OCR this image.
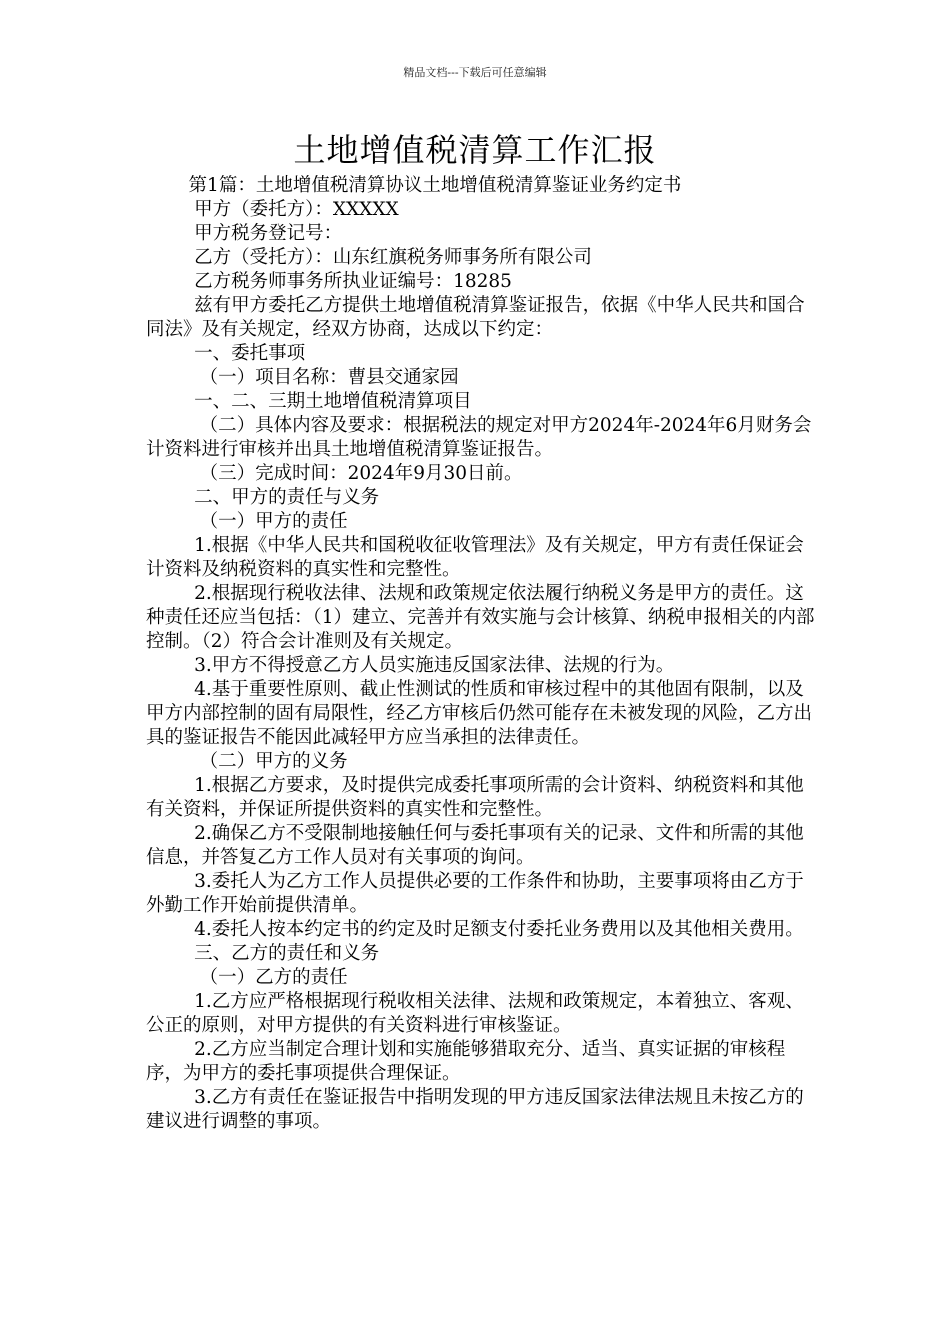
精品文档---下载后可任意编辑
土地增值税清算工作汇报

第1篇：土地增值税清算协议土地增值税清算鉴证业务约定书

甲方（委托方）：XXXXX

甲方税务登记号：

乙方（受托方）：山东红旗税务师事务所有限公司

乙方税务师事务所执业证编号：18285

兹有甲方委托乙方提供土地增值税清算鉴证报告，依据《中华人民共和国合同法》及有关规定，经双方协商，达成以下约定：

一、委托事项

（一）项目名称：曹县交通家园

一、二、三期土地增值税清算项目

（二）具体内容及要求：根据税法的规定对甲方2024年-2024年6月财务会计资料进行审核并出具土地增值税清算鉴证报告。

（三）完成时间：2024年9月30日前。

二、甲方的责任与义务

（一）甲方的责任

1.根据《中华人民共和国税收征收管理法》及有关规定，甲方有责任保证会计资料及纳税资料的真实性和完整性。

2.根据现行税收法律、法规和政策规定依法履行纳税义务是甲方的责任。这种责任还应当包括：（1）建立、完善并有效实施与会计核算、纳税申报相关的内部控制。（2）符合会计准则及有关规定。

3.甲方不得授意乙方人员实施违反国家法律、法规的行为。

4.基于重要性原则、截止性测试的性质和审核过程中的其他固有限制，以及甲方内部控制的固有局限性，经乙方审核后仍然可能存在未被发现的风险，乙方出具的鉴证报告不能因此减轻甲方应当承担的法律责任。

（二）甲方的义务

1.根据乙方要求，及时提供完成委托事项所需的会计资料、纳税资料和其他有关资料，并保证所提供资料的真实性和完整性。

2.确保乙方不受限制地接触任何与委托事项有关的记录、文件和所需的其他信息，并答复乙方工作人员对有关事项的询问。

3.委托人为乙方工作人员提供必要的工作条件和协助，主要事项将由乙方于外勤工作开始前提供清单。

4.委托人按本约定书的约定及时足额支付委托业务费用以及其他相关费用。

三、乙方的责任和义务

（一）乙方的责任

1.乙方应严格根据现行税收相关法律、法规和政策规定，本着独立、客观、公正的原则，对甲方提供的有关资料进行审核鉴证。

2.乙方应当制定合理计划和实施能够猎取充分、适当、真实证据的审核程序，为甲方的委托事项提供合理保证。

3.乙方有责任在鉴证报告中指明发现的甲方违反国家法律法规且未按乙方的建议进行调整的事项。
